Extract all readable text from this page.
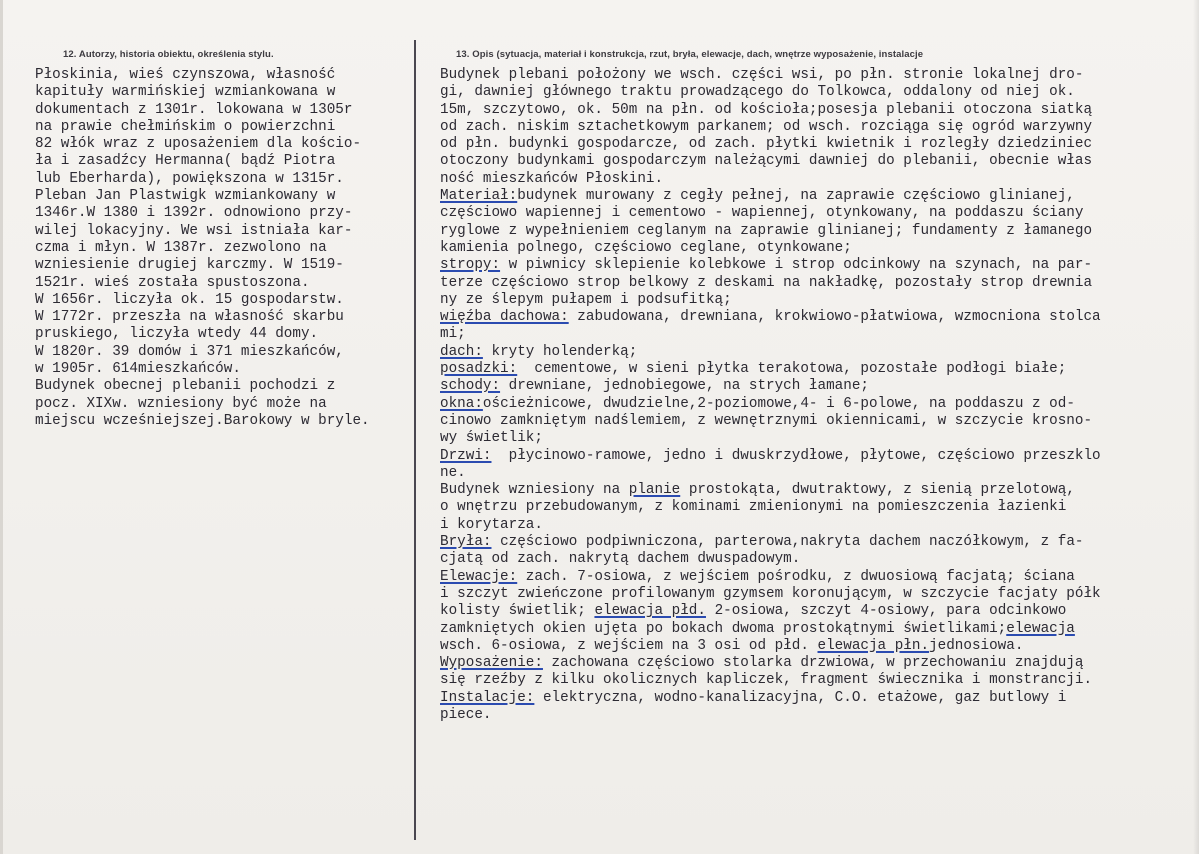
12. Autorzy, historia obiektu, określenia stylu.	13. Opis (sytuacja, materiał i konstrukcja, rzut, bryła, elewacje, dach, wnętrze wyposażenie, instalacje
Płoskinia, wieś czynszowa, własność
kapituły warmińskiej wzmiankowana w
dokumentach z 1301r. lokowana w 1305r
na prawie chełmińskim o powierzchni
82 włók wraz z uposażeniem dla kościo-
ła i zasadźcy Hermanna( bądź Piotra
lub Eberharda), powiększona w 1315r.
Pleban Jan Plastwigk wzmiankowany w
1346r.W 1380 i 1392r. odnowiono przy-
wilej lokacyjny. We wsi istniała kar-
czma i młyn. W 1387r. zezwolono na
wzniesienie drugiej karczmy. W 1519-
1521r. wieś została spustoszona.
W 1656r. liczyła ok. 15 gospodarstw.
W 1772r. przeszła na własność skarbu
pruskiego, liczyła wtedy 44 domy.
W 1820r. 39 domów i 371 mieszkańców,
w 1905r. 614mieszkańców.
Budynek obecnej plebanii pochodzi z
pocz. XIXw. wzniesiony być może na
miejscu wcześniejszej.Barokowy w bryle.
Budynek plebani położony we wsch. części wsi, po płn. stronie lokalnej dro-
gi, dawniej głównego traktu prowadzącego do Tolkowca, oddalony od niej ok.
15m, szczytowo, ok. 50m na płn. od kościoła;posesja plebanii otoczona siatką
od zach. niskim sztachetkowym parkanem; od wsch. rozciąga się ogród warzywny
od płn. budynki gospodarcze, od zach. płytki kwietnik i rozległy dziedziniec
otoczony budynkami gospodarczym należącymi dawniej do plebanii, obecnie włas
ność mieszkańców Płoskini.
Materiał:budynek murowany z cegły pełnej, na zaprawie częściowo glinianej,
częściowo wapiennej i cementowo - wapiennej, otynkowany, na poddaszu ściany
ryglowe z wypełnieniem ceglanym na zaprawie glinianej; fundamenty z łamanego
kamienia polnego, częściowo ceglane, otynkowane;
stropy: w piwnicy sklepienie kolebkowe i strop odcinkowy na szynach, na par-
terze częściowo strop belkowy z deskami na nakładkę, pozostały strop drewnia
ny ze ślepym pułapem i podsufitką;
więźba dachowa: zabudowana, drewniana, krokwiowo-płatwiowa, wzmocniona stolca
mi;
dach: kryty holenderką;
posadzki:  cementowe, w sieni płytka terakotowa, pozostałe podłogi białe;
schody: drewniane, jednobiegowe, na strych łamane;
okna:ościeżnicowe, dwudzielne,2-poziomowe,4- i 6-polowe, na poddaszu z od-
cinowo zamkniętym nadślemiem, z wewnętrznymi okiennicami, w szczycie krosno-
wy świetlik;
Drzwi:  płycinowo-ramowe, jedno i dwuskrzydłowe, płytowe, częściowo przeszklo
ne.
Budynek wzniesiony na planie prostokąta, dwutraktowy, z sienią przelotową,
o wnętrzu przebudowanym, z kominami zmienionymi na pomieszczenia łazienki
i korytarza.
Bryła: częściowo podpiwniczona, parterowa,nakryta dachem naczółkowym, z fa-
cjatą od zach. nakrytą dachem dwuspadowym.
Elewacje: zach. 7-osiowa, z wejściem pośrodku, z dwuosiową facjatą; ściana
i szczyt zwieńczone profilowanym gzymsem koronującym, w szczycie facjaty półk
kolisty świetlik; elewacja płd. 2-osiowa, szczyt 4-osiowy, para odcinkowo
zamkniętych okien ujęta po bokach dwoma prostokątnymi świetlikami;elewacja
wsch. 6-osiowa, z wejściem na 3 osi od płd. elewacja płn.jednosiowa.
Wyposażenie: zachowana częściowo stolarka drzwiowa, w przechowaniu znajdują
się rzeźby z kilku okolicznych kapliczek, fragment świecznika i monstrancji.
Instalacje: elektryczna, wodno-kanalizacyjna, C.O. etażowe, gaz butlowy i
piece.
